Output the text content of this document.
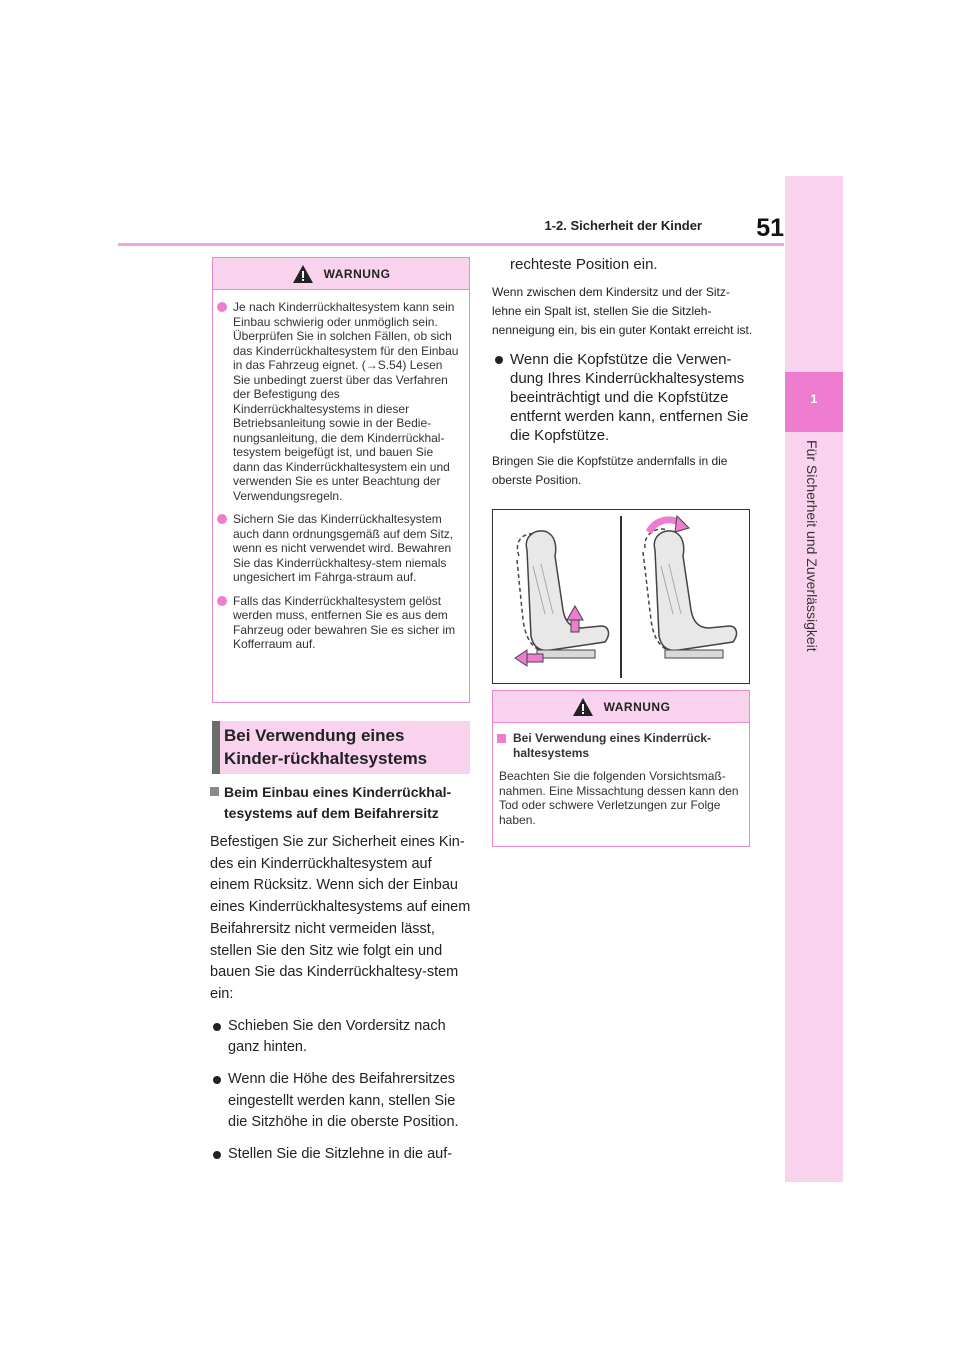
1-2. Sicherheit der Kinder	51
1
Für Sicherheit und Zuverlässigkeit
WARNUNG
Je nach Kinderrückhaltesystem kann sein Einbau schwierig oder unmöglich sein. Überprüfen Sie in solchen Fällen, ob sich das Kinderrückhaltesystem für den Einbau in das Fahrzeug eignet. (→S.54) Lesen Sie unbedingt zuerst über das Verfahren der Befestigung des Kinderrückhaltesystems in dieser Betriebsanleitung sowie in der Bedie-nungsanleitung, die dem Kinderrückhal-tesystem beigefügt ist, und bauen Sie dann das Kinderrückhaltesystem ein und verwenden Sie es unter Beachtung der Verwendungsregeln.
Sichern Sie das Kinderrückhaltesystem auch dann ordnungsgemäß auf dem Sitz, wenn es nicht verwendet wird. Bewahren Sie das Kinderrückhaltesy-stem niemals ungesichert im Fahrga-straum auf.
Falls das Kinderrückhaltesystem gelöst werden muss, entfernen Sie es aus dem Fahrzeug oder bewahren Sie es sicher im Kofferraum auf.
Bei Verwendung eines Kinder-rückhaltesystems
Beim Einbau eines Kinderrückhal-tesystems auf dem Beifahrersitz
Befestigen Sie zur Sicherheit eines Kin-des ein Kinderrückhaltesystem auf einem Rücksitz. Wenn sich der Einbau eines Kinderrückhaltesystems auf einem Beifahrersitz nicht vermeiden lässt, stellen Sie den Sitz wie folgt ein und bauen Sie das Kinderrückhaltesy-stem ein:
Schieben Sie den Vordersitz nach ganz hinten.
Wenn die Höhe des Beifahrersitzes eingestellt werden kann, stellen Sie die Sitzhöhe in die oberste Position.
Stellen Sie die Sitzlehne in die auf-
rechteste Position ein.
Wenn zwischen dem Kindersitz und der Sitz-lehne ein Spalt ist, stellen Sie die Sitzleh-nenneigung ein, bis ein guter Kontakt erreicht ist.
Wenn die Kopfstütze die Verwen-dung Ihres Kinderrückhaltesystems beeinträchtigt und die Kopfstütze entfernt werden kann, entfernen Sie die Kopfstütze.
Bringen Sie die Kopfstütze andernfalls in die oberste Position.
WARNUNG
Bei Verwendung eines Kinderrück-haltesystems
Beachten Sie die folgenden Vorsichtsmaß-nahmen. Eine Missachtung dessen kann den Tod oder schwere Verletzungen zur Folge haben.
